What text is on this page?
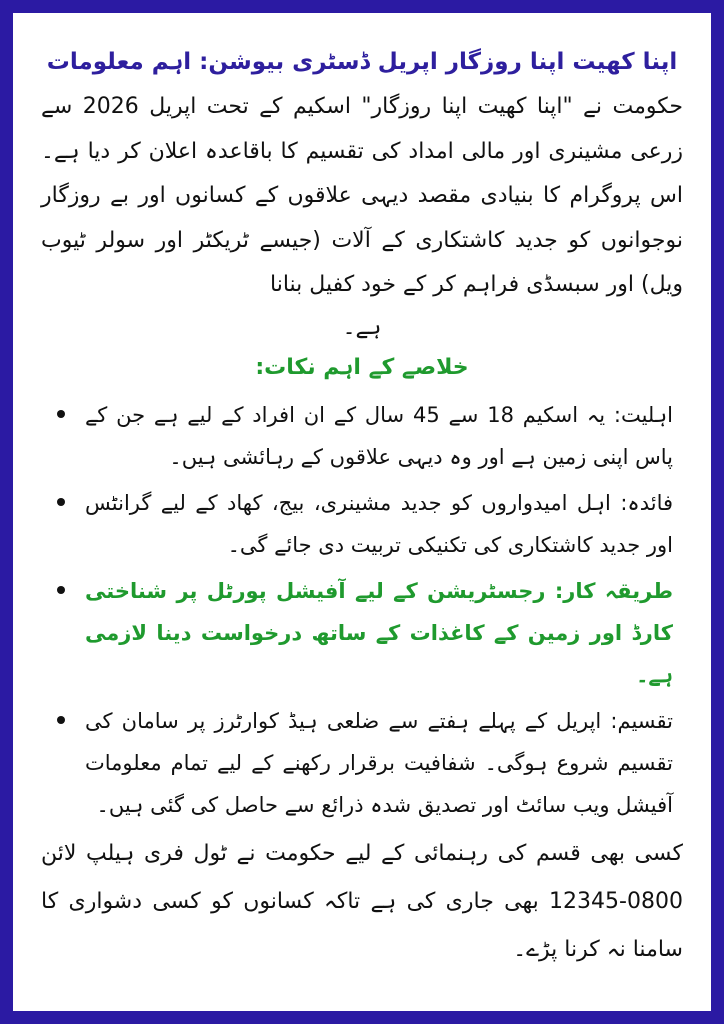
اپنا کھیت اپنا روزگار اپریل ڈسٹری بیوشن: اہم معلومات

حکومت نے "اپنا کھیت اپنا روزگار" اسکیم کے تحت اپریل 2026 سے زرعی مشینری اور مالی امداد کی تقسیم کا باقاعدہ اعلان کر دیا ہے۔ اس پروگرام کا بنیادی مقصد دیہی علاقوں کے کسانوں اور بے روزگار نوجوانوں کو جدید کاشتکاری کے آلات (جیسے ٹریکٹر اور سولر ٹیوب ویل) اور سبسڈی فراہم کر کے خود کفیل بنانا

ہے۔

خلاصے کے اہم نکات:
اہلیت: یہ اسکیم 18 سے 45 سال کے ان افراد کے لیے ہے جن کے پاس اپنی زمین ہے اور وہ دیہی علاقوں کے رہائشی ہیں۔
فائدہ: اہل امیدواروں کو جدید مشینری، بیج، کھاد کے لیے گرانٹس اور جدید کاشتکاری کی تکنیکی تربیت دی جائے گی۔
طریقہ کار: رجسٹریشن کے لیے آفیشل پورٹل پر شناختی کارڈ اور زمین کے کاغذات کے ساتھ درخواست دینا لازمی ہے۔
تقسیم: اپریل کے پہلے ہفتے سے ضلعی ہیڈ کوارٹرز پر سامان کی تقسیم شروع ہوگی۔ شفافیت برقرار رکھنے کے لیے تمام معلومات آفیشل ویب سائٹ اور تصدیق شدہ ذرائع سے حاصل کی گئی ہیں۔

کسی بھی قسم کی رہنمائی کے لیے حکومت نے ٹول فری ہیلپ لائن 0800-12345 بھی جاری کی ہے تاکہ کسانوں کو کسی دشواری کا سامنا نہ کرنا پڑے۔
